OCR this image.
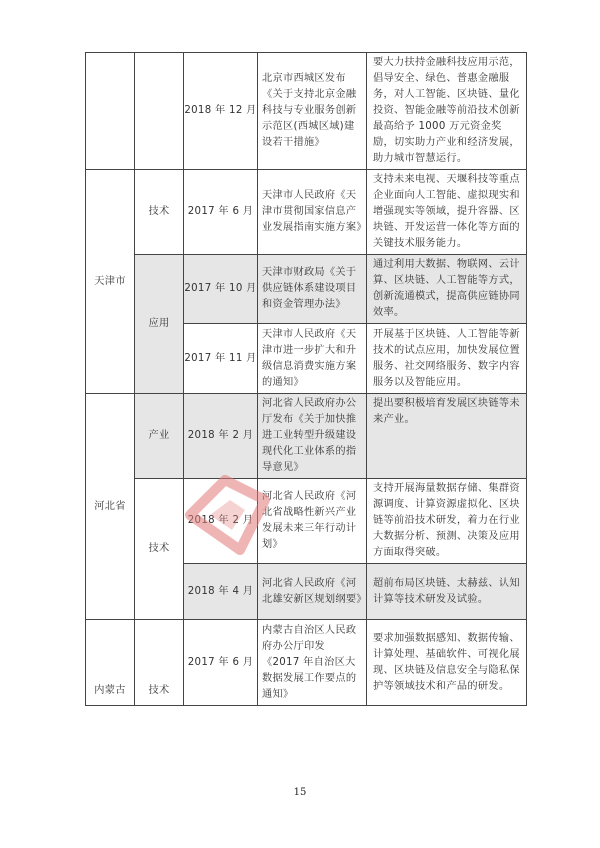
		2018 年 12 月	北京市西城区发布《关于支持北京金融科技与专业服务创新示范区(西城区域)建设若干措施》	要大力扶持金融科技应用示范，倡导安全、绿色、普惠金融服务，对人工智能、区块链、量化投资、智能金融等前沿技术创新最高给予 1000 万元资金奖励，切实助力产业和经济发展，助力城市智慧运行。
天津市	技术	2017 年 6 月	天津市人民政府《天津市贯彻国家信息产业发展指南实施方案》	支持未来电视、天堰科技等重点企业面向人工智能、虚拟现实和增强现实等领域，提升容器、区块链、开发运营一体化等方面的关键技术服务能力。
	应用	2017 年 10 月	天津市财政局《关于供应链体系建设项目和资金管理办法》	通过利用大数据、物联网、云计算、区块链、人工智能等方式，创新流通模式，提高供应链协同效率。
		2017 年 11 月	天津市人民政府《天津市进一步扩大和升级信息消费实施方案的通知》	开展基于区块链、人工智能等新技术的试点应用，加快发展位置服务、社交网络服务、数字内容服务以及智能应用。
河北省	产业	2018 年 2 月	河北省人民政府办公厅发布《关于加快推进工业转型升级建设现代化工业体系的指导意见》	提出要积极培育发展区块链等未来产业。
	技术	2018 年 2 月	河北省人民政府《河北省战略性新兴产业发展未来三年行动计划》	支持开展海量数据存储、集群资源调度、计算资源虚拟化、区块链等前沿技术研发，着力在行业大数据分析、预测、决策及应用方面取得突破。
		2018 年 4 月	河北省人民政府《河北雄安新区规划纲要》	超前布局区块链、太赫兹、认知计算等技术研发及试验。
内蒙古	技术	2017 年 6 月	内蒙古自治区人民政府办公厅印发《2017 年自治区大数据发展工作要点的通知》	要求加强数据感知、数据传输、计算处理、基础软件、可视化展现、区块链及信息安全与隐私保护等领域技术和产品的研发。
15
